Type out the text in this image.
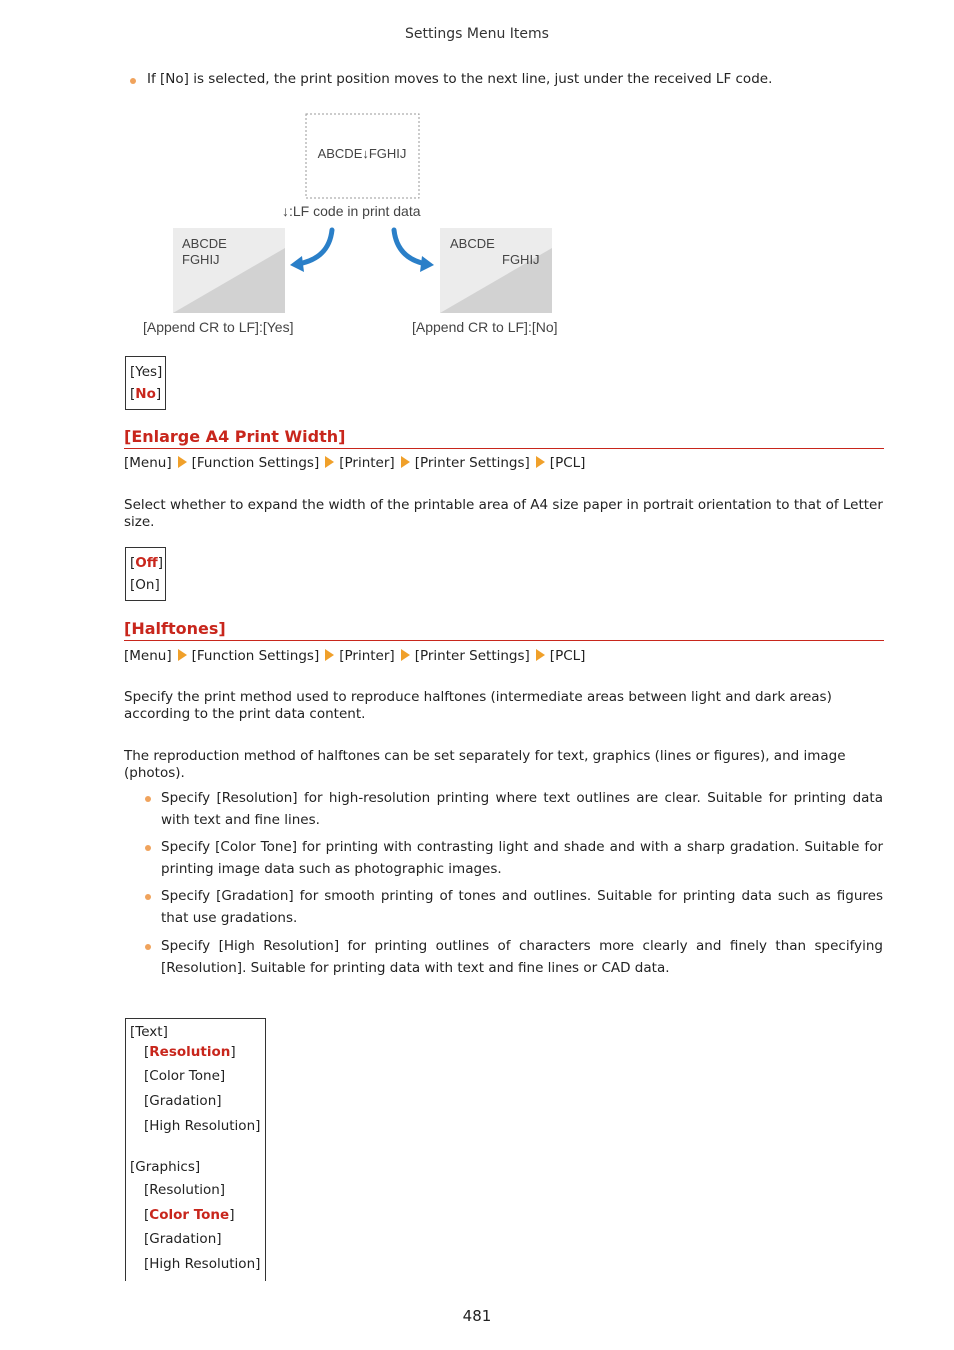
Settings Menu Items
If [No] is selected, the print position moves to the next line, just under the received LF code.
ABCDE↓FGHIJ
↓:LF code in print data
ABCDE
FGHIJ
ABCDE
FGHIJ
[Append CR to LF]:[Yes]	[Append CR to LF]:[No]
[Yes]
[No]
[Enlarge A4 Print Width]
[Menu] [Function Settings] [Printer] [Printer Settings] [PCL]
Select whether to expand the width of the printable area of A4 size paper in portrait orientation to that of Letter size.
[Off]
[On]
[Halftones]
[Menu] [Function Settings] [Printer] [Printer Settings] [PCL]
Specify the print method used to reproduce halftones (intermediate areas between light and dark areas) according to the print data content.
The reproduction method of halftones can be set separately for text, graphics (lines or figures), and image (photos).
Specify [Resolution] for high-resolution printing where text outlines are clear. Suitable for printing data with text and fine lines.
Specify [Color Tone] for printing with contrasting light and shade and with a sharp gradation. Suitable for printing image data such as photographic images.
Specify [Gradation] for smooth printing of tones and outlines. Suitable for printing data such as figures that use gradations.
Specify [High Resolution] for printing outlines of characters more clearly and finely than specifying [Resolution]. Suitable for printing data with text and fine lines or CAD data.
[Text]
[Resolution]
[Color Tone]
[Gradation]
[High Resolution]
[Graphics]
[Resolution]
[Color Tone]
[Gradation]
[High Resolution]
481
